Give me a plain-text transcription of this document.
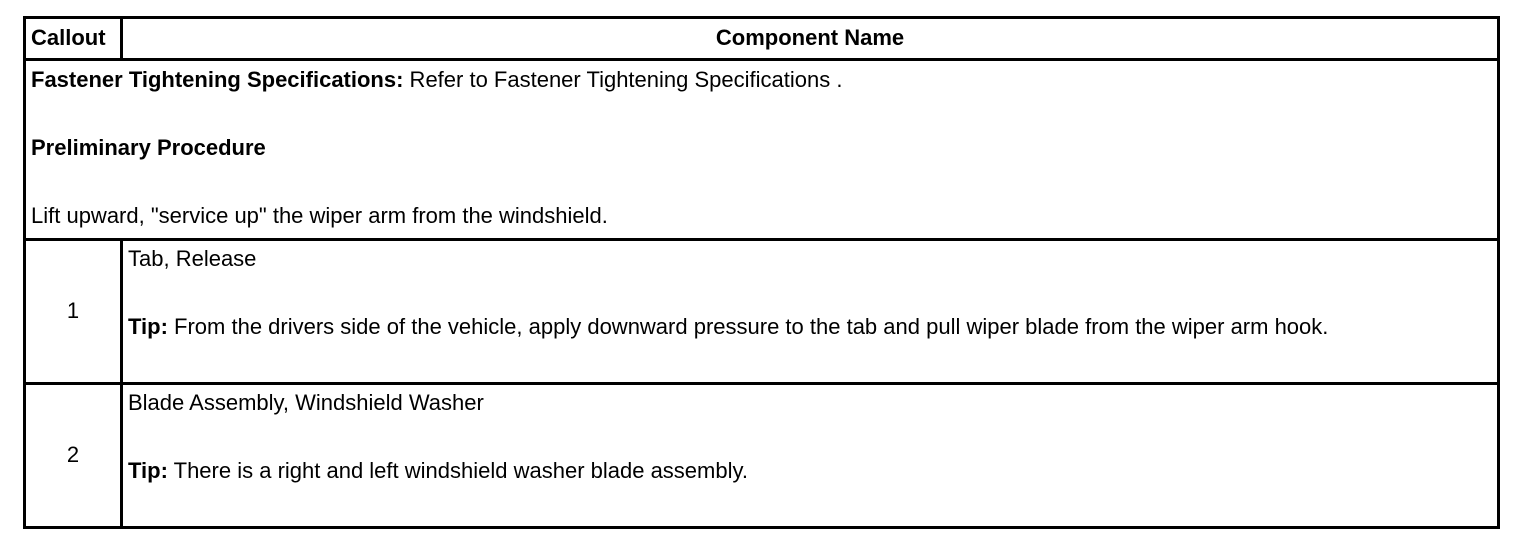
Callout	Component Name

Fastener Tightening Specifications: Refer to Fastener Tightening Specifications .

Preliminary Procedure

Lift upward, "service up" the wiper arm from the windshield.	

1	Tab, Release

Tip: From the drivers side of the vehicle, apply downward pressure to the tab and pull wiper blade from the wiper arm hook.

2	Blade Assembly, Windshield Washer

Tip: There is a right and left windshield washer blade assembly.
